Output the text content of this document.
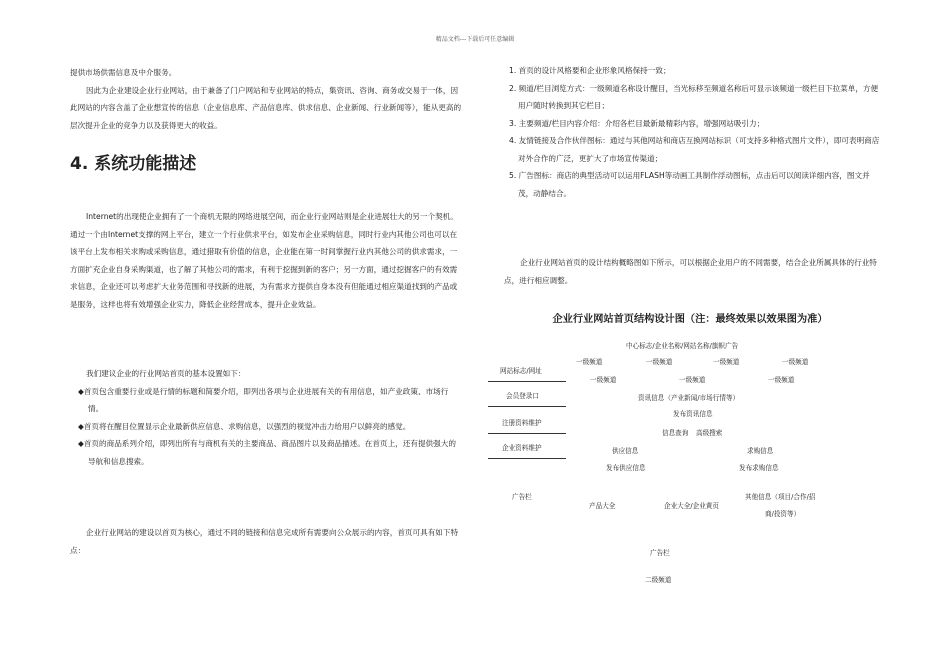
精品文档---下载后可任意编辑

提供市场供需信息及中介服务。

因此为企业建设企业行业网站，由于兼备了门户网站和专业网站的特点，集资讯、咨询、商务或交易于一体，因此网站的内容含盖了企业想宣传的信息（企业信息库、产品信息库、供求信息、企业新闻、行业新闻等），能从更高的层次提升企业的竞争力以及获得更大的收益。

4. 系统功能描述

Internet的出现使企业拥有了一个商机无限的网络进展空间，而企业行业网站则是企业进展壮大的另一个契机。通过一个由Internet支撑的网上平台，建立一个行业供求平台，如发布企业采购信息，同时行业内其他公司也可以在该平台上发布相关求购或采购信息，通过猎取有价值的信息，企业能在第一时间掌握行业内其他公司的供求需求，一方面扩充企业自身采购渠道，也了解了其他公司的需求，有利于挖掘到新的客户；另一方面，通过挖掘客户的有效需求信息，企业还可以考虑扩大业务范围和寻找新的进展，为有需求方提供自身本没有但能通过相应渠道找到的产品或是服务，这样也将有效增强企业实力，降低企业经营成本，提升企业效益。

我们建议企业的行业网站首页的基本设置如下：

◆首页包含重要行业或是行情的标题和简要介绍，即列出各项与企业进展有关的有用信息，如产业政策、市场行情。

◆首页将在醒目位置显示企业最新供应信息、求购信息，以强烈的视觉冲击力给用户以鲜亮的感觉。

◆首页的商品系列介绍，即列出所有与商机有关的主要商品、商品图片以及商品描述。在首页上，还有提供强大的导航和信息搜索。

企业行业网站的建设以首页为核心，通过不同的链接和信息完成所有需要向公众展示的内容，首页可具有如下特点：

1. 首页的设计风格要和企业形象风格保持一致；

2. 频道/栏目浏览方式：一级频道名称设计醒目，当光标移至频道名称后可显示该频道一级栏目下拉菜单，方便用户随时转换到其它栏目；

3. 主要频道/栏目内容介绍：介绍各栏目最新最精彩内容，增强网站吸引力；

4. 友情链接及合作伙伴图标：通过与其他网站和商店互换网站标识（可支持多种格式图片文件），即可表明商店对外合作的广泛，更扩大了市场宣传渠道；

5. 广告图标：商店的典型活动可以运用FLASH等动画工具制作浮动图标，点击后可以阅读详细内容，图文并茂，动静结合。

企业行业网站首页的设计结构概略图如下所示，可以根据企业用户的不同需要，结合企业所属具体的行业特点，进行相应调整。

企业行业网站首页结构设计图（注：最终效果以效果图为准）
中心标志/企业名称/网站名称/旗帜广告
网站标志/网址
会员登录口
注册资料维护
企业资料维护
广告栏
一级频道	一级频道	一级频道	一级频道
一级频道	一级频道	一级频道
资讯信息（产业新闻/市场行情等）
发布资讯信息
信息查询 高级搜索
供应信息	求购信息
发布供应信息	发布求购信息
产品大全	企业大全/企业黄页
其他信息（项目/合作/招
商/投资等）
广告栏
二级频道
